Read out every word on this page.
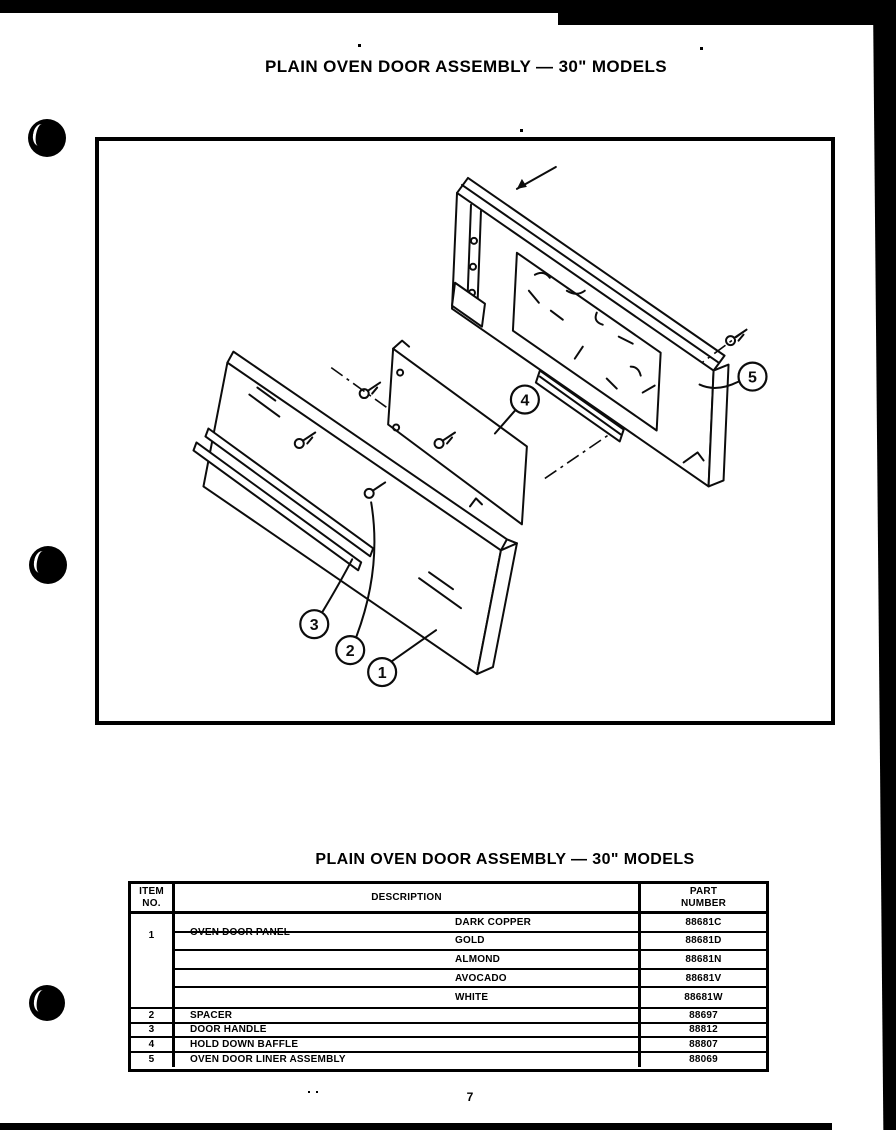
PLAIN OVEN DOOR ASSEMBLY — 30" MODELS
3
2
1
4
5
PLAIN OVEN DOOR ASSEMBLY — 30" MODELS
ITEM
NO.
DESCRIPTION
PART
NUMBER
1	OVEN DOOR PANEL
DARK COPPER	88681C
GOLD	88681D
ALMOND	88681N
AVOCADO	88681V
WHITE	88681W
2	SPACER	88697
3	DOOR HANDLE	88812
4	HOLD DOWN BAFFLE	88807
5	OVEN DOOR LINER ASSEMBLY	88069
7
